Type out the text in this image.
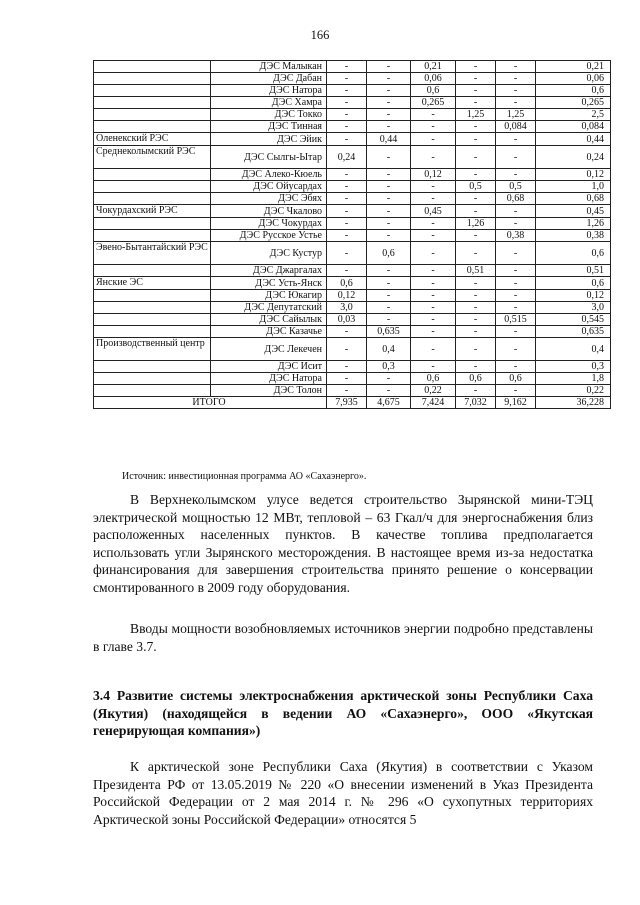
166
	ДЭС Малыкан	-	-	0,21	-	-	0,21
	ДЭС Дабан	-	-	0,06	-	-	0,06
	ДЭС Натора	-	-	0,6	-	-	0,6
	ДЭС Хамра	-	-	0,265	-	-	0,265
	ДЭС Токко	-	-	-	1,25	1,25	2,5
	ДЭС Тинная	-	-	-	-	0,084	0,084
Оленекский РЭС	ДЭС Эйик	-	0,44	-	-	-	0,44
Среднеколымский РЭС	ДЭС Сылгы-Ытар	0,24	-	-	-	-	0,24
	ДЭС Алеко-Кюель	-	-	0,12	-	-	0,12
	ДЭС Ойусардах	-	-	-	0,5	0,5	1,0
	ДЭС Эбях	-	-	-	-	0,68	0,68
Чокурдахский РЭС	ДЭС Чкалово	-	-	0,45	-	-	0,45
	ДЭС Чокурдах	-	-	-	1,26	-	1,26
	ДЭС Русское Устье	-	-	-	-	0,38	0,38
Эвено-Бытантайский РЭС	ДЭС Кустур	-	0,6	-	-	-	0,6
	ДЭС Джаргалах	-	-	-	0,51	-	0,51
Янские ЭС	ДЭС Усть-Янск	0,6	-	-	-	-	0,6
	ДЭС Юкагир	0,12	-	-	-	-	0,12
	ДЭС Депутатский	3,0	-	-	-	-	3,0
	ДЭС Сайылык	0,03	-	-	-	0,515	0,545
	ДЭС Казачье	-	0,635	-	-	-	0,635
Производственный центр	ДЭС Лекечен	-	0,4	-	-	-	0,4
	ДЭС Исит	-	0,3	-	-	-	0,3
	ДЭС Натора	-	-	0,6	0,6	0,6	1,8
	ДЭС Толон	-	-	0,22	-	-	0,22
ИТОГО		7,935	4,675	7,424	7,032	9,162	36,228
Источник: инвестиционная программа АО «Сахаэнерго».

В Верхнеколымском улусе ведется строительство Зырянской мини-ТЭЦ электрической мощностью 12 МВт, тепловой – 63 Гкал/ч для энергоснабжения близ расположенных населенных пунктов. В качестве топлива предполагается использовать угли Зырянского месторождения. В настоящее время из-за недостатка финансирования для завершения строительства принято решение о консервации смонтированного в 2009 году оборудования.

Вводы мощности возобновляемых источников энергии подробно представлены в главе 3.7.

3.4 Развитие системы электроснабжения арктической зоны Республики Саха (Якутия) (находящейся в ведении АО «Сахаэнерго», ООО «Якутская генерирующая компания»)

К арктической зоне Республики Саха (Якутия) в соответствии с Указом Президента РФ от 13.05.2019 № 220 «О внесении изменений в Указ Президента Российской Федерации от 2 мая 2014 г. № 296 «О сухопутных территориях Арктической зоны Российской Федерации» относятся 5
